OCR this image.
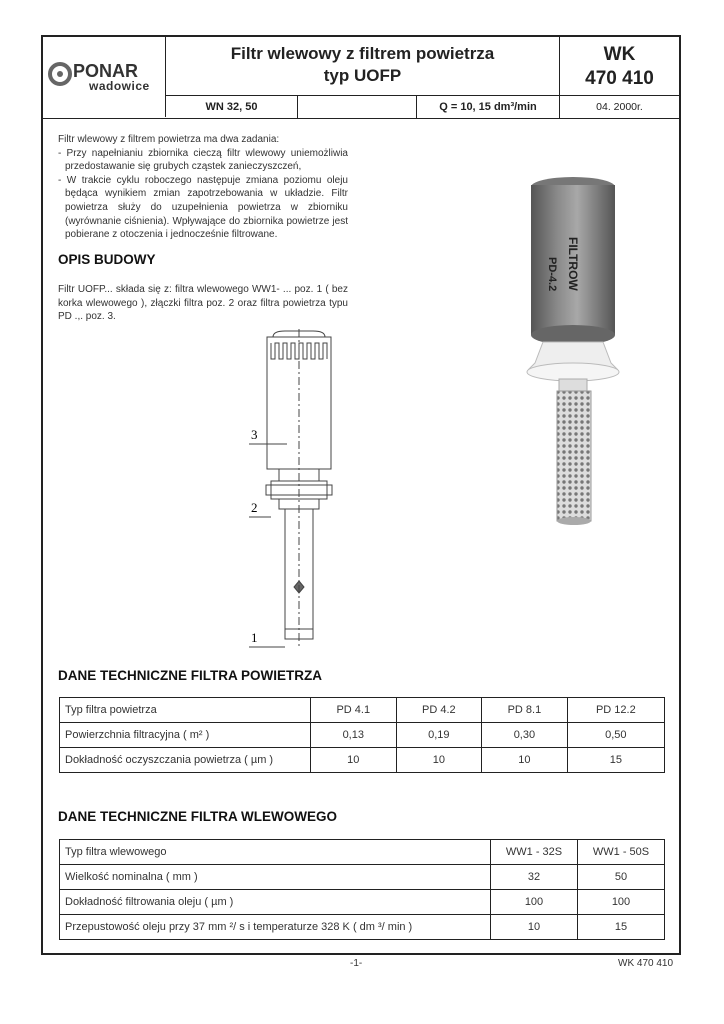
PONAR
wadowice
Filtr wlewowy z filtrem powietrza
typ UOFP
WK
470 410
WN 32, 50	Q = 10, 15 dm³/min	04. 2000r.

Filtr wlewowy z filtrem powietrza ma dwa zadania:

- Przy napełnianiu zbiornika cieczą filtr wlewowy uniemożliwia przedostawanie się grubych cząstek zanieczyszczeń,

- W trakcie cyklu roboczego następuje zmiana poziomu oleju będąca wynikiem zmian zapotrzebowania w układzie. Filtr powietrza służy do uzupełnienia powietrza w zbiorniku (wyrównanie ciśnienia). Wpływające do zbiornika powietrze jest pobierane z otoczenia i jednocześnie filtrowane.

OPIS BUDOWY
Filtr UOFP... składa się z: filtra wlewowego WW1- ... poz. 1 ( bez korka wlewowego ), złączki filtra poz. 2 oraz filtra powietrza typu PD .,. poz. 3.
3
2
1
FILTROW
PD-4.2
DANE TECHNICZNE FILTRA POWIETRZA
Typ filtra powietrza	PD 4.1	PD 4.2	PD 8.1	PD 12.2
Powierzchnia filtracyjna ( m² )	0,13	0,19	0,30	0,50
Dokładność oczyszczania powietrza ( µm )	10	10	10	15
DANE TECHNICZNE FILTRA WLEWOWEGO
Typ filtra wlewowego	WW1 - 32S	WW1 - 50S
Wielkość nominalna ( mm )	32	50
Dokładność filtrowania oleju ( µm )	100	100
Przepustowość oleju przy 37 mm ²/ s i temperaturze 328 K ( dm ³/ min )	10	15
-1-	WK 470 410
